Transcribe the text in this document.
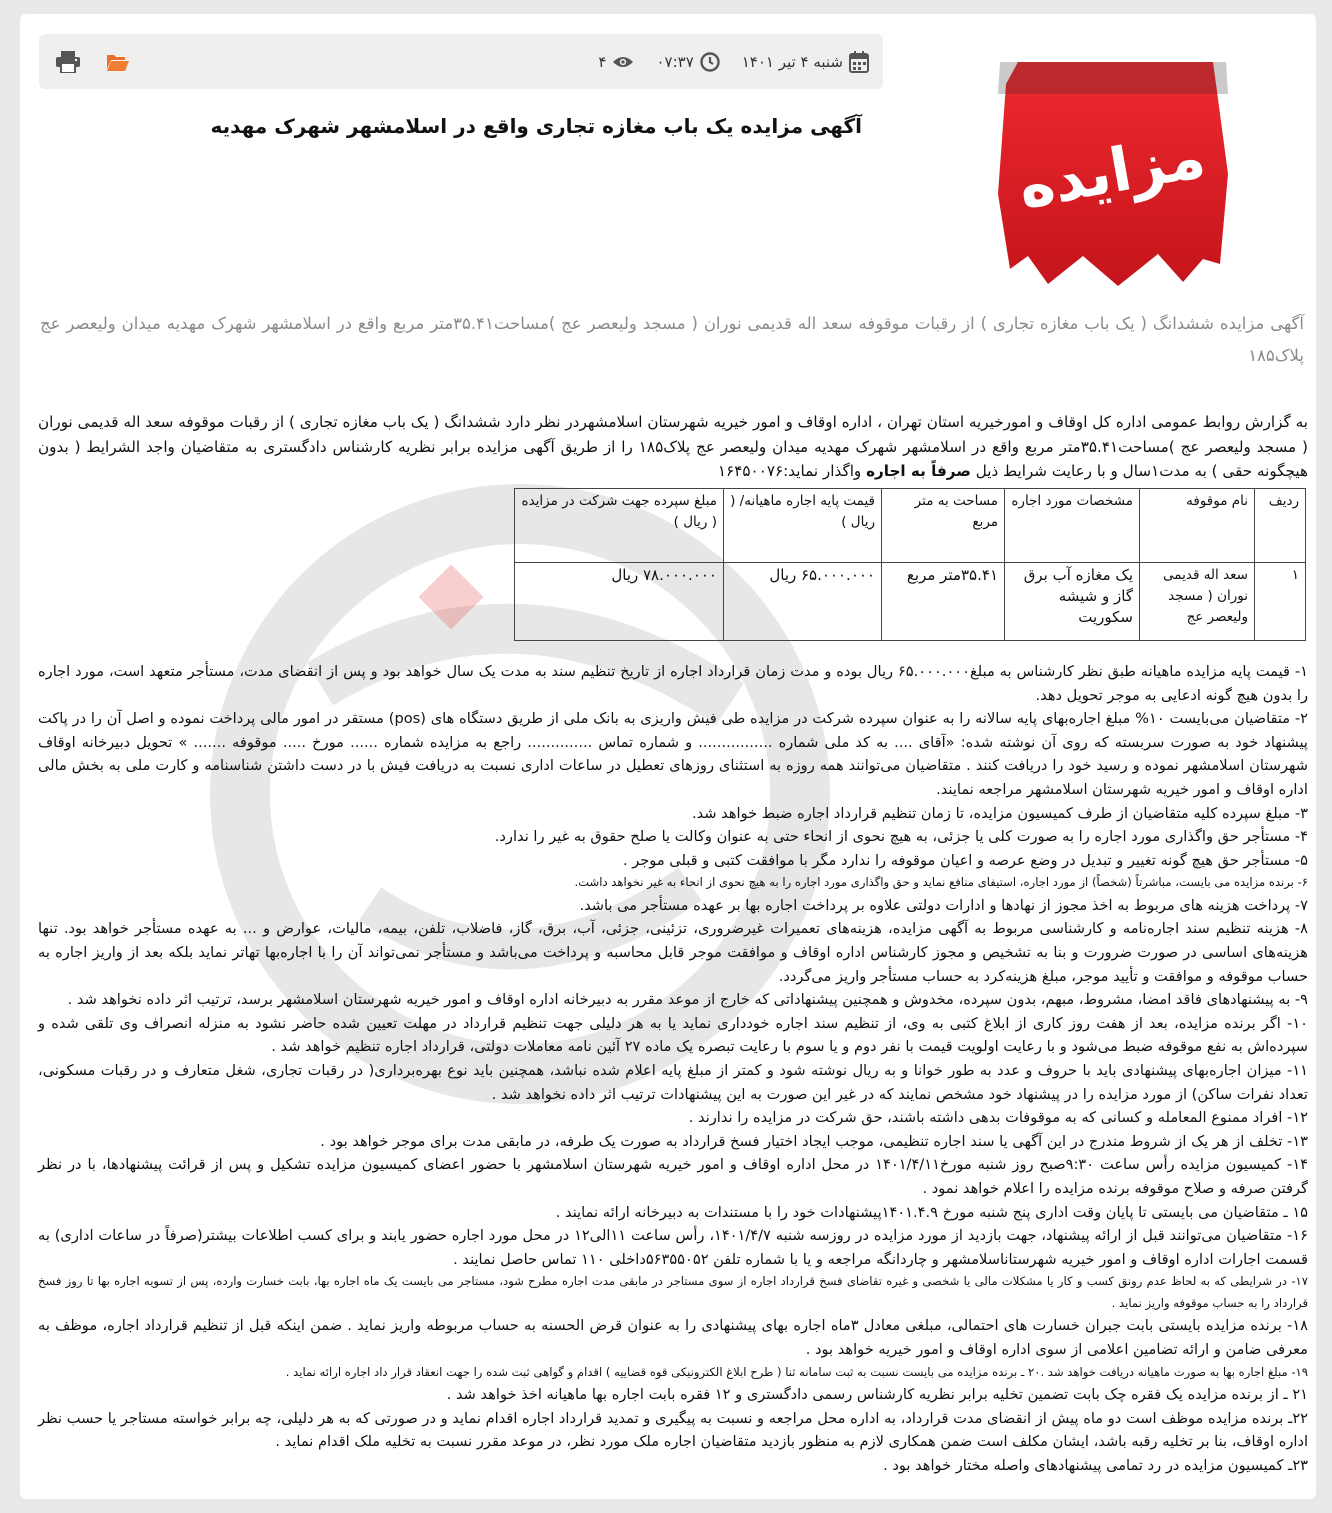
شنبه ۴ تیر ۱۴۰۱
۰۷:۳۷
۴
آگهی مزایده یک باب مغازه تجاری واقع در اسلامشهر شهرک مهدیه	مزایده

آگهی مزایده ششدانگ ( یک باب مغازه تجاری ) از رقبات موقوفه سعد اله قدیمی نوران ( مسجد ولیعصر عج )مساحت۳۵.۴۱متر مربع واقع در اسلامشهر شهرک مهدیه میدان ولیعصر عج پلاک۱۸۵

به گزارش روابط عمومی اداره کل اوقاف و امورخیریه استان تهران ، اداره اوقاف و امور خیریه شهرستان اسلامشهردر نظر دارد ششدانگ ( یک باب مغازه تجاری ) از رقبات موقوفه سعد اله قدیمی نوران ( مسجد ولیعصر عج )مساحت۳۵.۴۱متر مربع واقع در اسلامشهر شهرک مهدیه میدان ولیعصر عج پلاک۱۸۵ را از طریق آگهی مزایده برابر نظریه کارشناس دادگستری به متقاضیان واجد الشرایط ( بدون هیچگونه حقی ) به مدت۱سال و با رعایت شرایط ذیل صرفاً به اجاره واگذار نماید:۱۶۴۵۰۰۷۶

ردیف	نام موقوفه	مشخصات مورد اجاره	مساحت به متر مربع	قیمت پایه اجاره ماهیانه/ ( ریال )	مبلغ سپرده جهت شرکت در مزایده ( ریال )
۱	سعد اله قدیمی نوران ( مسجد ولیعصر عج	یک مغازه آب برق گاز و شیشه سکوریت	۳۵.۴۱متر مربع	۶۵.۰۰۰.۰۰۰ ریال	۷۸.۰۰۰.۰۰۰ ریال

۱- قیمت پایه مزایده ماهیانه طبق نظر کارشناس به مبلغ۶۵.۰۰۰.۰۰۰ ریال بوده و مدت زمان قرارداد اجاره از تاریخ تنظیم سند به مدت یک سال خواهد بود و پس از انقضای مدت، مستأجر متعهد است، مورد اجاره را بدون هیچ گونه ادعایی به موجر تحویل دهد.

۲- متقاضیان می‌بایست ۱۰% مبلغ اجاره‌بهای پایه سالانه را به عنوان سپرده شرکت در مزایده طی فیش واریزی به بانک ملی از طریق دستگاه های (pos) مستقر در امور مالی پرداخت نموده و اصل آن را در پاکت پیشنهاد خود به صورت سربسته که روی آن نوشته شده: «آقای .... به کد ملی شماره ................ و شماره تماس .............. راجع به مزایده شماره ...... مورخ ..... موقوفه ....... » تحویل دبیرخانه اوقاف شهرستان اسلامشهر نموده و رسید خود را دریافت کنند . متقاضیان می‌توانند همه روزه به استثنای روزهای تعطیل در ساعات اداری نسبت به دریافت فیش با در دست داشتن شناسنامه و کارت ملی به بخش مالی اداره اوقاف و امور خیریه شهرستان اسلامشهر مراجعه نمایند.

۳- مبلغ سپرده کلیه متقاضیان از طرف کمیسیون مزایده، تا زمان تنظیم قرارداد اجاره ضبط خواهد شد.

۴- مستأجر حق واگذاری مورد اجاره را به صورت کلی یا جزئی، به هیچ نحوی از انحاء حتی به عنوان وکالت یا صلح حقوق به غیر را ندارد.

۵- مستأجر حق هیچ گونه تغییر و تبدیل در وضع عرصه و اعیان موقوفه را ندارد مگر با موافقت کتبی و قبلی موجر .

۶- برنده مزایده می بایست، مباشرتاً (شخصاً) از مورد اجاره، استیفای منافع نماید و حق واگذاری مورد اجاره را به هیچ نحوی از انحاء به غیر نخواهد داشت.

۷- پرداخت هزینه های مربوط به اخذ مجوز از نهادها و ادارات دولتی علاوه بر پرداخت اجاره بها بر عهده مستأجر می باشد.

۸- هزینه تنظیم سند اجاره‌نامه و کارشناسی مربوط به آگهی مزایده، هزینه‌های تعمیرات غیرضروری، تزئینی، جزئی، آب، برق، گاز، فاضلاب، تلفن، بیمه، مالیات، عوارض و ... به عهده مستأجر خواهد بود. تنها هزینه‌های اساسی در صورت ضرورت و بنا به تشخیص و مجوز کارشناس اداره اوقاف و موافقت موجر قابل محاسبه و پرداخت می‌باشد و مستأجر نمی‌تواند آن را با اجاره‌بها تهاتر نماید بلکه بعد از واریز اجاره به حساب موقوفه و موافقت و تأیید موجر، مبلغ هزینه‌کرد به حساب مستأجر واریز می‌گردد.

۹- به پیشنهادهای فاقد امضا، مشروط، مبهم، بدون سپرده، مخدوش و همچنین پیشنهاداتی که خارج از موعد مقرر به دبیرخانه اداره اوقاف و امور خیریه شهرستان اسلامشهر برسد، ترتیب اثر داده نخواهد شد .

۱۰- اگر برنده مزایده، بعد از هفت روز کاری از ابلاغ کتبی به وی، از تنظیم سند اجاره خودداری نماید یا به هر دلیلی جهت تنظیم قرارداد در مهلت تعیین شده حاضر نشود به منزله انصراف وی تلقی شده و سپرده‌اش به نفع موقوفه ضبط می‌شود و با رعایت اولویت قیمت با نفر دوم و یا سوم با رعایت تبصره یک ماده ۲۷ آئین نامه معاملات دولتی، قرارداد اجاره تنظیم خواهد شد .

۱۱- میزان اجاره‌بهای پیشنهادی باید با حروف و عدد به طور خوانا و به ریال نوشته شود و کمتر از مبلغ پایه اعلام شده نباشد، همچنین باید نوع بهره‌برداری( در رقبات تجاری، شغل متعارف و در رقبات مسکونی، تعداد نفرات ساکن) از مورد مزایده را در پیشنهاد خود مشخص نمایند که در غیر این صورت به این پیشنهادات ترتیب اثر داده نخواهد شد .

۱۲- افراد ممنوع المعامله و کسانی که به موقوفات بدهی داشته باشند، حق شرکت در مزایده را ندارند .

۱۳- تخلف از هر یک از شروط مندرج در این آگهی یا سند اجاره تنظیمی، موجب ایجاد اختیار فسخ قرارداد به صورت یک طرفه، در مابقی مدت برای موجر خواهد بود .

۱۴- کمیسیون مزایده رأس ساعت ۹:۳۰صبح روز شنبه مورخ۱۴۰۱/۴/۱۱ در محل اداره اوقاف و امور خیریه شهرستان اسلامشهر با حضور اعضای کمیسیون مزایده تشکیل و پس از قرائت پیشنهادها، با در نظر گرفتن صرفه و صلاح موقوفه برنده مزایده را اعلام خواهد نمود .

۱۵ ـ متقاضیان می بایستی تا پایان وقت اداری پنج شنبه مورخ ۱۴۰۱.۴.۹پیشنهادات خود را با مستندات به دبیرخانه ارائه نمایند .

۱۶- متقاضیان می‌توانند قبل از ارائه پیشنهاد، جهت بازدید از مورد مزایده در روزسه شنبه ۱۴۰۱/۴/۷، رأس ساعت ۱۱الی۱۲ در محل مورد اجاره حضور یابند و برای کسب اطلاعات بیشتر(صرفاً در ساعات اداری) به قسمت اجارات اداره اوقاف و امور خیریه شهرستاناسلامشهر و چاردانگه مراجعه و یا با شماره تلفن ۵۶۳۵۵۰۵۲داخلی ۱۱۰ تماس حاصل نمایند .

۱۷- در شرایطی که به لحاظ عدم رونق کسب و کار یا مشکلات مالی یا شخصی و غیره تقاضای فسخ قرارداد اجاره از سوی مستاجر در مابقی مدت اجاره مطرح شود، مستاجر می بایست یک ماه اجاره بها، بابت خسارت وارده، پس از تسویه اجاره بها تا روز فسخ قرارداد را به حساب موقوفه واریز نماید .

۱۸- برنده مزایده بایستی بابت جبران خسارت های احتمالی، مبلغی معادل ۳ماه اجاره بهای پیشنهادی را به عنوان قرض الحسنه به حساب مربوطه واریز نماید . ضمن اینکه قبل از تنظیم قرارداد اجاره، موظف به معرفی ضامن و ارائه تضامین اعلامی از سوی اداره اوقاف و امور خیریه خواهد بود .

۱۹- مبلغ اجاره بها به صورت ماهیانه دریافت خواهد شد .۲۰ ـ برنده مزایده می بایست نسبت به ثبت سامانه ثنا ( طرح ابلاغ الکترونیکی قوه قضاییه ) اقدام و گواهی ثبت شده را جهت انعقاد قرار داد اجاره ارائه نماید .

۲۱ ـ از برنده مزایده یک فقره چک بابت تضمین تخلیه برابر نظریه کارشناس رسمی دادگستری و ۱۲ فقره بابت اجاره بها ماهیانه اخذ خواهد شد .

۲۲ـ برنده مزایده موظف است دو ماه پیش از انقضای مدت قرارداد، به اداره محل مراجعه و نسبت به پیگیری و تمدید قرارداد اجاره اقدام نماید و در صورتی که به هر دلیلی، چه برابر خواسته مستاجر یا حسب نظر اداره اوقاف، بنا بر تخلیه رقبه باشد، ایشان مکلف است ضمن همکاری لازم به منظور بازدید متقاضیان اجاره ملک مورد نظر، در موعد مقرر نسبت به تخلیه ملک اقدام نماید .

۲۳ـ کمیسیون مزایده در رد تمامی پیشنهادهای واصله مختار خواهد بود .
